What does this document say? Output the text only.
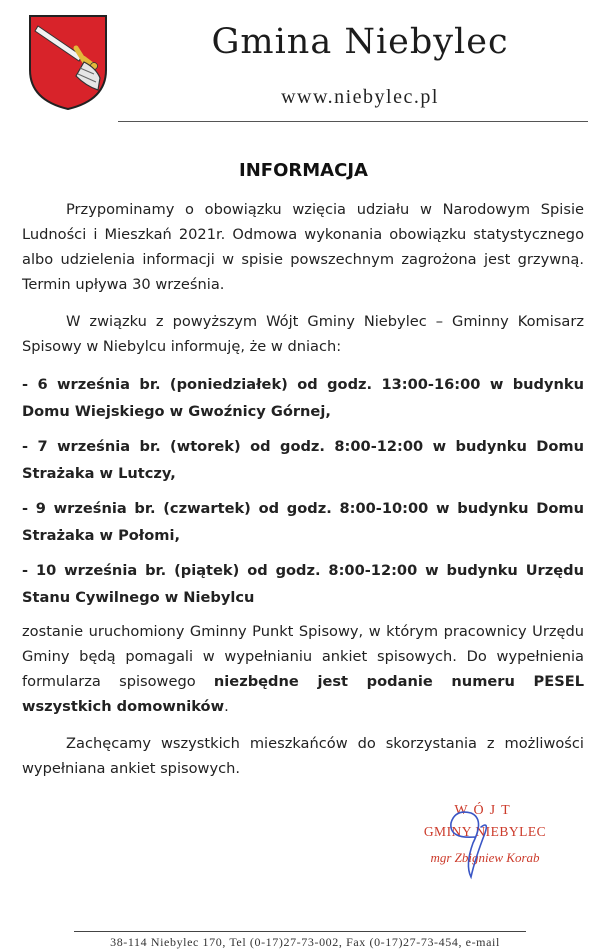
Gmina Niebylec
www.niebylec.pl
INFORMACJA

Przypominamy o obowiązku wzięcia udziału w Narodowym Spisie Ludności i Mieszkań 2021r. Odmowa wykonania obowiązku statystycznego albo udzielenia informacji w spisie powszechnym zagrożona jest grzywną. Termin upływa 30 września.

W związku z powyższym Wójt Gminy Niebylec – Gminny Komisarz Spisowy w Niebylcu informuję, że w dniach:

- 6 września br. (poniedziałek) od godz. 13:00-16:00 w budynku Domu Wiejskiego w Gwoźnicy Górnej,

- 7 września br. (wtorek) od godz. 8:00-12:00 w budynku Domu Strażaka w Lutczy,

- 9 września br. (czwartek) od godz. 8:00-10:00 w budynku Domu Strażaka w Połomi,

- 10 września br. (piątek) od godz. 8:00-12:00 w budynku Urzędu Stanu Cywilnego w Niebylcu

zostanie uruchomiony Gminny Punkt Spisowy, w którym pracownicy Urzędu Gminy będą pomagali w wypełnianiu ankiet spisowych. Do wypełnienia formularza spisowego niezbędne jest podanie numeru PESEL wszystkich domowników.

Zachęcamy wszystkich mieszkańców do skorzystania z możliwości wypełniana ankiet spisowych.

WÓJT
GMINY NIEBYLEC
mgr Zbigniew Korab
38-114 Niebylec 170, Tel (0-17)27-73-002, Fax (0-17)27-73-454, e-mail
